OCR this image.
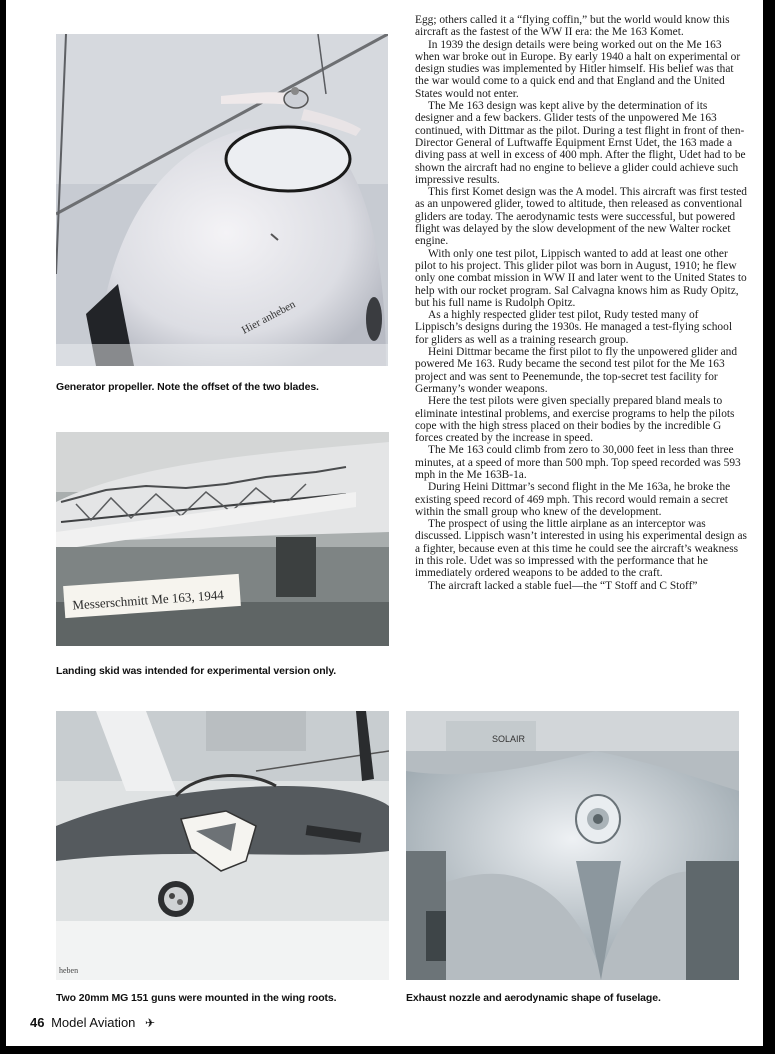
Hier anheben
Generator propeller. Note the offset of the two blades.
Messerschmitt Me 163, 1944
Landing skid was intended for experimental version only.
heben
Two 20mm MG 151 guns were mounted in the wing roots.
SOLAIR
Exhaust nozzle and aerodynamic shape of fuselage.

Egg; others called it a “flying coffin,” but the world would know this aircraft as the fastest of the WW II era: the Me 163 Komet.

In 1939 the design details were being worked out on the Me 163 when war broke out in Europe. By early 1940 a halt on experimental or design studies was implemented by Hitler himself. His belief was that the war would come to a quick end and that England and the United States would not enter.

The Me 163 design was kept alive by the determination of its designer and a few backers. Glider tests of the unpowered Me 163 continued, with Dittmar as the pilot. During a test flight in front of then-Director General of Luftwaffe Equipment Ernst Udet, the 163 made a diving pass at well in excess of 400 mph. After the flight, Udet had to be shown the aircraft had no engine to believe a glider could achieve such impressive results.

This first Komet design was the A model. This aircraft was first tested as an unpowered glider, towed to altitude, then released as conventional gliders are today. The aerodynamic tests were successful, but powered flight was delayed by the slow development of the new Walter rocket engine.

With only one test pilot, Lippisch wanted to add at least one other pilot to his project. This glider pilot was born in August, 1910; he flew only one combat mission in WW II and later went to the United States to help with our rocket program. Sal Calvagna knows him as Rudy Opitz, but his full name is Rudolph Opitz.

As a highly respected glider test pilot, Rudy tested many of Lippisch’s designs during the 1930s. He managed a test-flying school for gliders as well as a training research group.

Heini Dittmar became the first pilot to fly the unpowered glider and powered Me 163. Rudy became the second test pilot for the Me 163 project and was sent to Peenemunde, the top-secret test facility for Germany’s wonder weapons.

Here the test pilots were given specially prepared bland meals to eliminate intestinal problems, and exercise programs to help the pilots cope with the high stress placed on their bodies by the incredible G forces created by the increase in speed.

The Me 163 could climb from zero to 30,000 feet in less than three minutes, at a speed of more than 500 mph. Top speed recorded was 593 mph in the Me 163B-1a.

During Heini Dittmar’s second flight in the Me 163a, he broke the existing speed record of 469 mph. This record would remain a secret within the small group who knew of the development.

The prospect of using the little airplane as an interceptor was discussed. Lippisch wasn’t interested in using his experimental design as a fighter, because even at this time he could see the aircraft’s weakness in this role. Udet was so impressed with the performance that he immediately ordered weapons to be added to the craft.

The aircraft lacked a stable fuel—the “T Stoff and C Stoff”

46 Model Aviation ✈
